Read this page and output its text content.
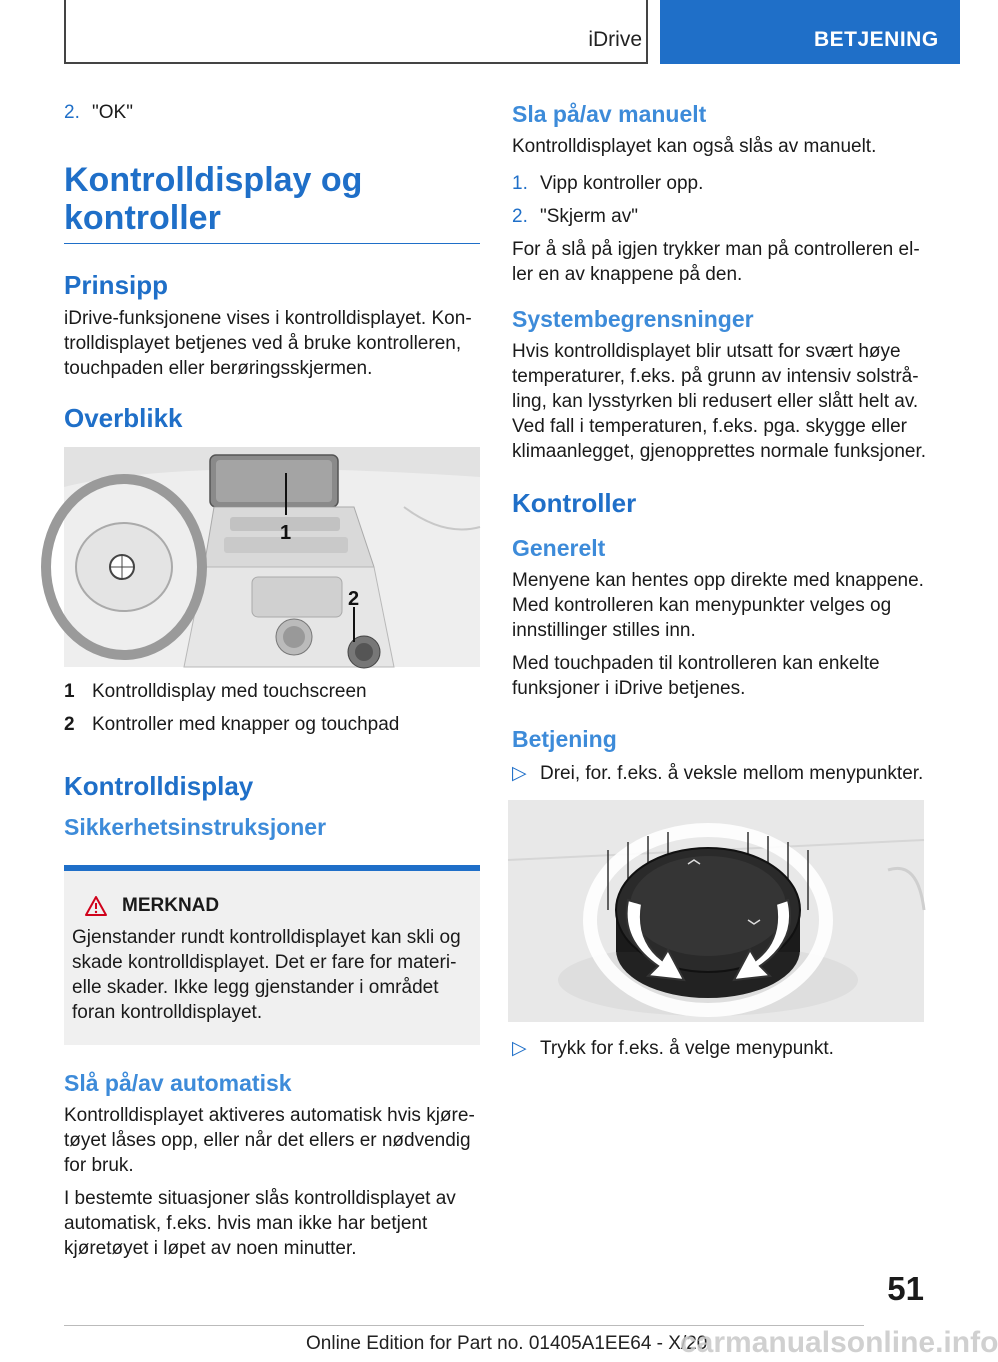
iDrive	BETJENING
2. "OK"
Kontrolldisplay og kontroller
Prinsipp

iDrive-funksjonene vises i kontrolldisplayet. Kontrolldisplayet betjenes ved å bruke kontrolleren, touchpaden eller berøringsskjermen.

Overblikk
1
2
1 Kontrolldisplay med touchscreen
2 Kontroller med knapper og touchpad
Kontrolldisplay
Sikkerhetsinstruksjoner
MERKNAD

Gjenstander rundt kontrolldisplayet kan skli og skade kontrolldisplayet. Det er fare for materielle skader. Ikke legg gjenstander i området foran kontrolldisplayet.

Slå på/av automatisk

Kontrolldisplayet aktiveres automatisk hvis kjøretøyet låses opp, eller når det ellers er nødvendig for bruk.

I bestemte situasjoner slås kontrolldisplayet av automatisk, f.eks. hvis man ikke har betjent kjøretøyet i løpet av noen minutter.

Sla på/av manuelt

Kontrolldisplayet kan også slås av manuelt.

1. Vipp kontroller opp.
2. "Skjerm av"

For å slå på igjen trykker man på controlleren eller en av knappene på den.

Systembegrensninger

Hvis kontrolldisplayet blir utsatt for svært høye temperaturer, f.eks. på grunn av intensiv solstråling, kan lysstyrken bli redusert eller slått helt av. Ved fall i temperaturen, f.eks. pga. skygge eller klimaanlegget, gjenopprettes normale funksjoner.

Kontroller
Generelt

Menyene kan hentes opp direkte med knappene. Med kontrolleren kan menypunkter velges og innstillinger stilles inn.

Med touchpaden til kontrolleren kan enkelte funksjoner i iDrive betjenes.

Betjening
▷ Drei, for. f.eks. å veksle mellom menypunkter.
▷ Trykk for f.eks. å velge menypunkt.
51
Online Edition for Part no. 01405A1EE64 - X/20
carmanualsonline.info
